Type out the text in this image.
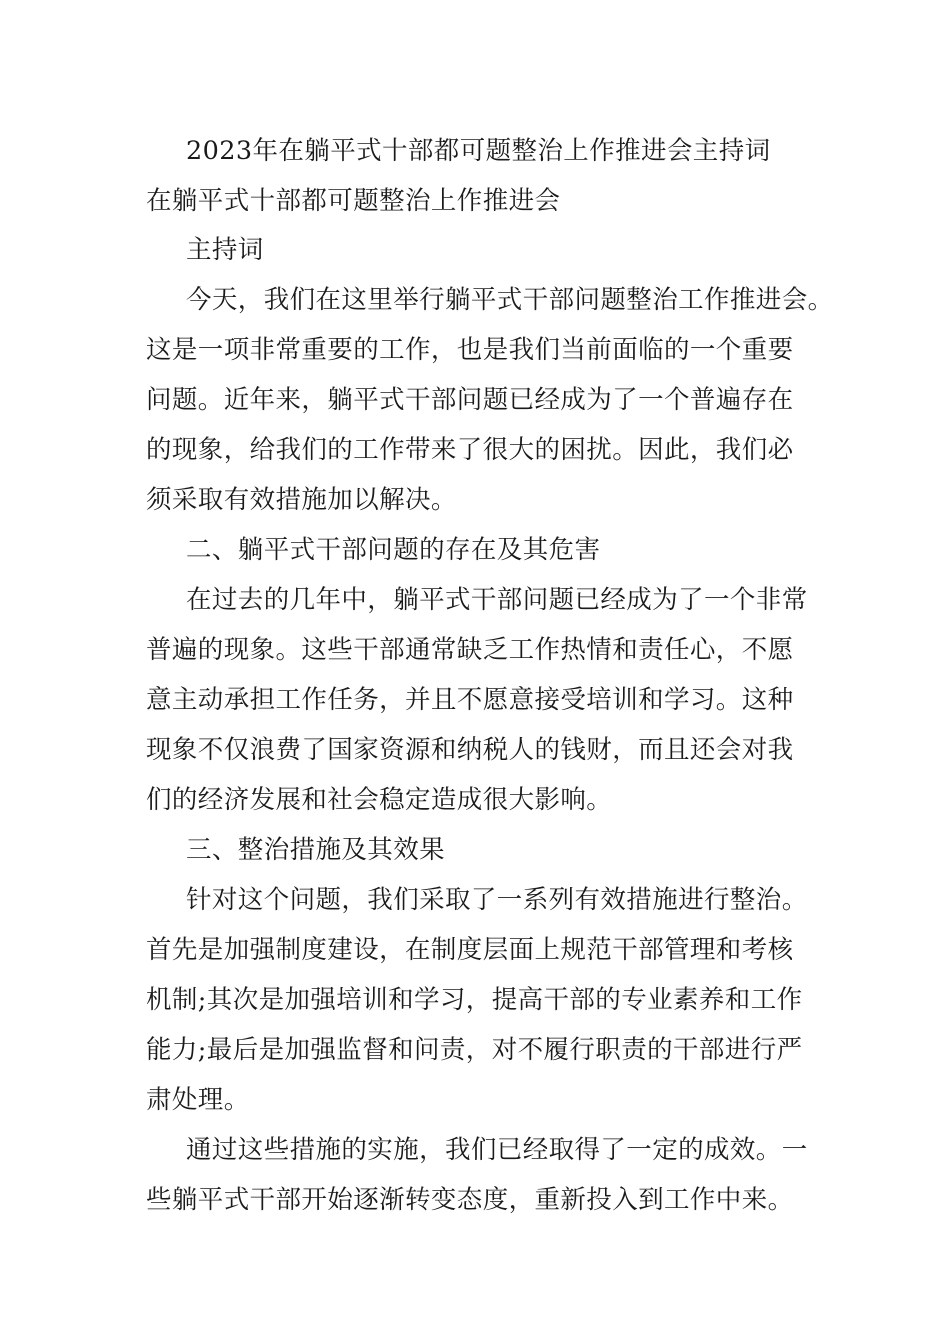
2023年在躺平式十部都可题整治上作推进会主持词

在躺平式十部都可题整治上作推进会

主持词

今天，我们在这里举行躺平式干部问题整治工作推进会。

这是一项非常重要的工作，也是我们当前面临的一个重要

问题。近年来，躺平式干部问题已经成为了一个普遍存在

的现象，给我们的工作带来了很大的困扰。因此，我们必

须采取有效措施加以解决。

二、躺平式干部问题的存在及其危害

在过去的几年中，躺平式干部问题已经成为了一个非常

普遍的现象。这些干部通常缺乏工作热情和责任心，不愿

意主动承担工作任务，并且不愿意接受培训和学习。这种

现象不仅浪费了国家资源和纳税人的钱财，而且还会对我

们的经济发展和社会稳定造成很大影响。

三、整治措施及其效果

针对这个问题，我们采取了一系列有效措施进行整治。

首先是加强制度建设，在制度层面上规范干部管理和考核

机制;其次是加强培训和学习，提高干部的专业素养和工作

能力;最后是加强监督和问责，对不履行职责的干部进行严

肃处理。

通过这些措施的实施，我们已经取得了一定的成效。一

些躺平式干部开始逐渐转变态度，重新投入到工作中来。
